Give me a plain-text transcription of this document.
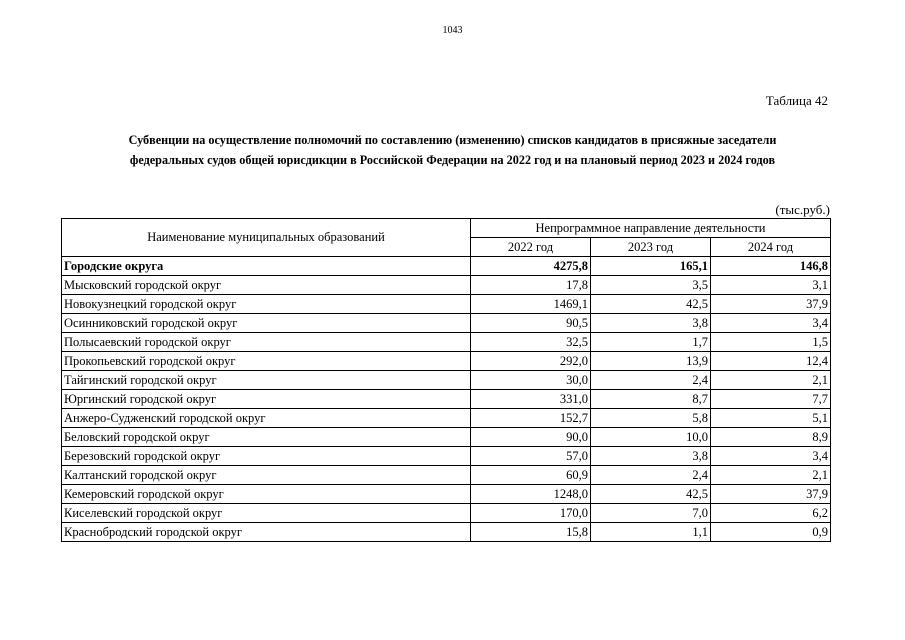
1043
Таблица 42
Субвенции на осуществление полномочий по составлению (изменению) списков кандидатов в присяжные заседатели
федеральных судов общей юрисдикции в Российской Федерации на 2022 год и на плановый период 2023 и 2024 годов
(тыс.руб.)
Наименование муниципальных образований	Непрограммное направление деятельности		
	2022 год	2023 год	2024 год
Городские округа	4275,8	165,1	146,8
Мысковский городской округ	17,8	3,5	3,1
Новокузнецкий городской округ	1469,1	42,5	37,9
Осинниковский городской округ	90,5	3,8	3,4
Полысаевский городской округ	32,5	1,7	1,5
Прокопьевский городской округ	292,0	13,9	12,4
Тайгинский городской округ	30,0	2,4	2,1
Юргинский городской округ	331,0	8,7	7,7
Анжеро-Судженский городской округ	152,7	5,8	5,1
Беловский городской округ	90,0	10,0	8,9
Березовский городской округ	57,0	3,8	3,4
Калтанский городской округ	60,9	2,4	2,1
Кемеровский городской округ	1248,0	42,5	37,9
Киселевский городской округ	170,0	7,0	6,2
Краснобродский городской округ	15,8	1,1	0,9
